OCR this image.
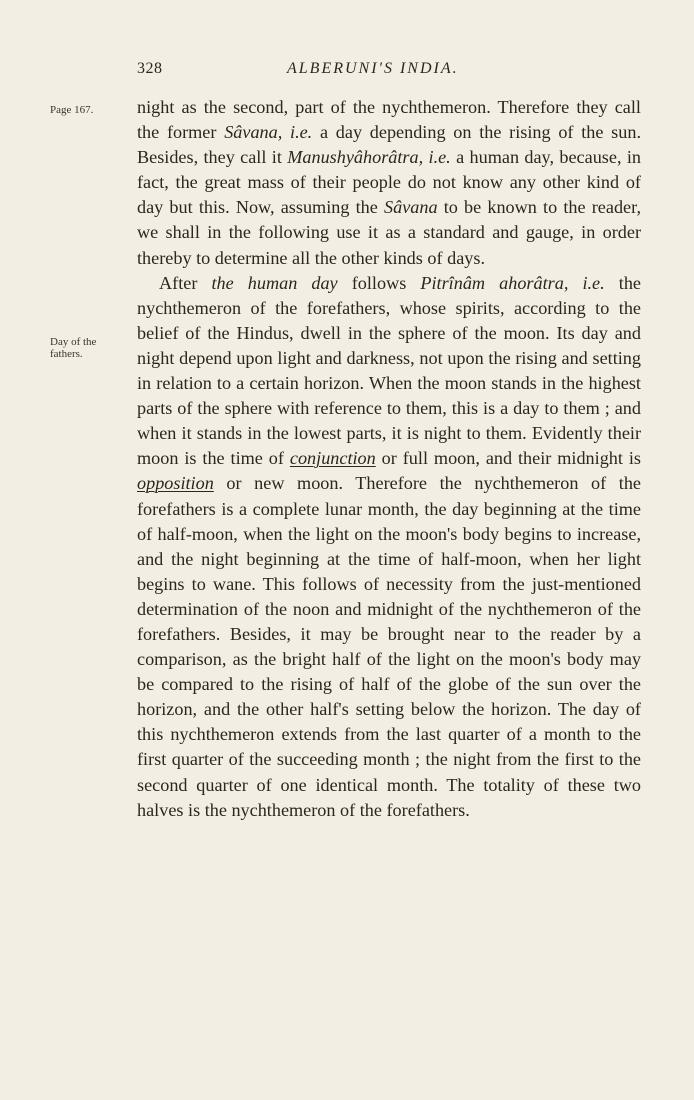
328	ALBERUNI'S INDIA.
Page 167.
Day of the fathers.

night as the second, part of the nychthemeron. Therefore they call the former Sâvana, i.e. a day depending on the rising of the sun. Besides, they call it Manushyâhorâtra, i.e. a human day, because, in fact, the great mass of their people do not know any other kind of day but this. Now, assuming the Sâvana to be known to the reader, we shall in the following use it as a standard and gauge, in order thereby to determine all the other kinds of days.

After the human day follows Pitrînâm ahorâtra, i.e. the nychthemeron of the forefathers, whose spirits, according to the belief of the Hindus, dwell in the sphere of the moon. Its day and night depend upon light and darkness, not upon the rising and setting in relation to a certain horizon. When the moon stands in the highest parts of the sphere with reference to them, this is a day to them ; and when it stands in the lowest parts, it is night to them. Evidently their moon is the time of conjunction or full moon, and their midnight is opposition or new moon. Therefore the nychthemeron of the forefathers is a complete lunar month, the day beginning at the time of half-moon, when the light on the moon's body begins to increase, and the night beginning at the time of half-moon, when her light begins to wane. This follows of necessity from the just-mentioned determination of the noon and midnight of the nychthemeron of the forefathers. Besides, it may be brought near to the reader by a comparison, as the bright half of the light on the moon's body may be compared to the rising of half of the globe of the sun over the horizon, and the other half's setting below the horizon. The day of this nychthemeron extends from the last quarter of a month to the first quarter of the succeeding month ; the night from the first to the second quarter of one identical month. The totality of these two halves is the nychthemeron of the forefathers.
